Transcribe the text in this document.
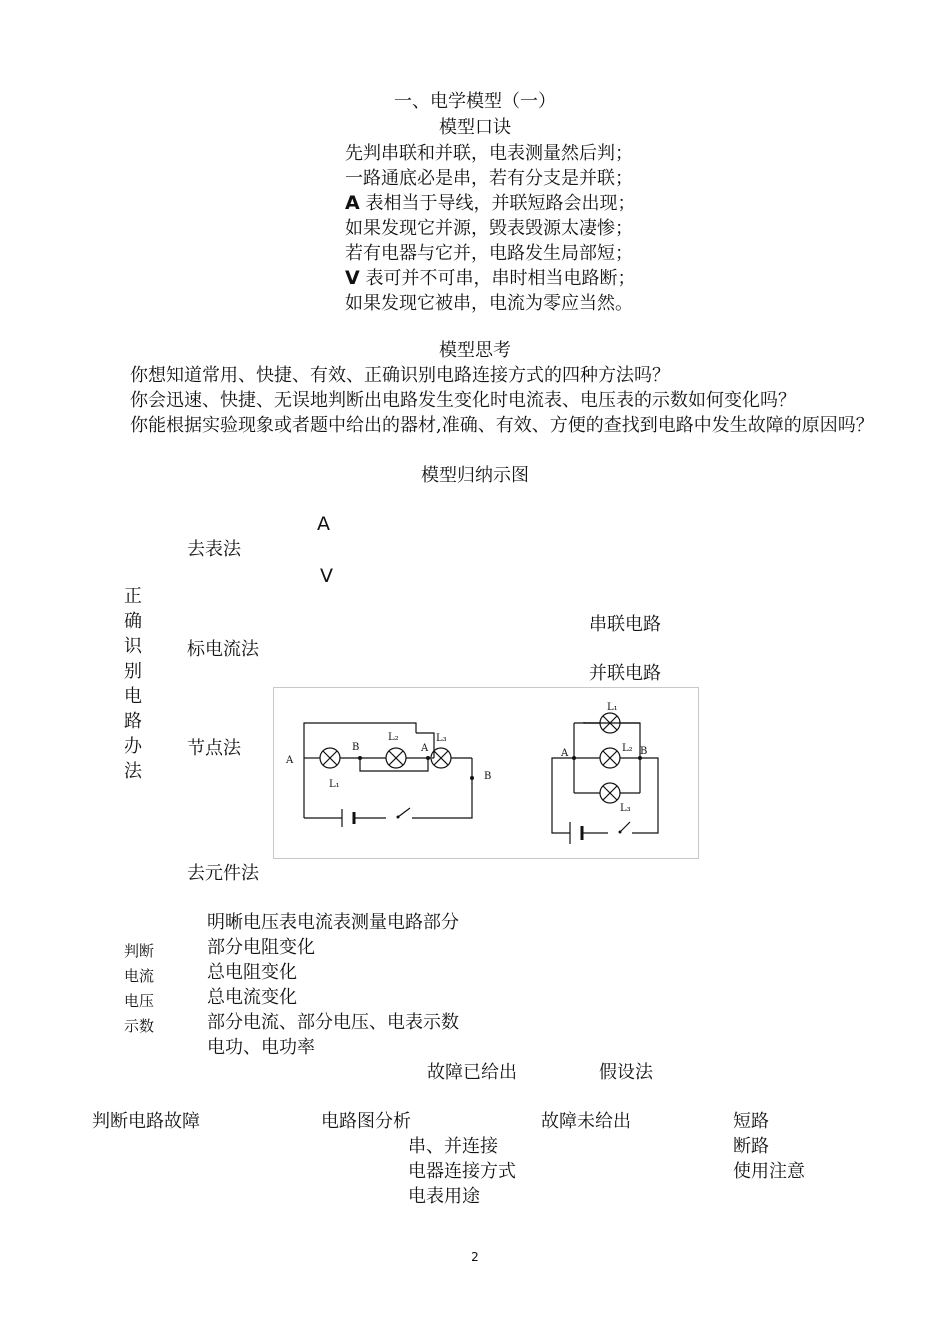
一、电学模型（一）
模型口诀
先判串联和并联，电表测量然后判；
一路通底必是串，若有分支是并联；
A 表相当于导线，并联短路会出现；
如果发现它并源，毁表毁源太凄惨；
若有电器与它并，电路发生局部短；
V 表可并不可串，串时相当电路断；
如果发现它被串，电流为零应当然。
模型思考
你想知道常用、快捷、有效、正确识别电路连接方式的四种方法吗？
你会迅速、快捷、无误地判断出电路发生变化时电流表、电压表的示数如何变化吗？
你能根据实验现象或者题中给出的器材,准确、有效、方便的查找到电路中发生故障的原因吗？
模型归纳示图
A
去表法
V
正
确
识
别
电
路
办
法
串联电路
标电流法
并联电路
节点法
A
B
L₂
A
L₃
B
L₁
L₁
A	L₂ B
L₃
去元件法
明晰电压表电流表测量电路部分
判断	部分电阻变化
电流	总电阻变化
电压	总电流变化
示数	部分电流、部分电压、电表示数
电功、电功率
故障已给出	假设法
判断电路故障	电路图分析	故障未给出	短路
串、并连接	断路
电器连接方式	使用注意
电表用途
2
